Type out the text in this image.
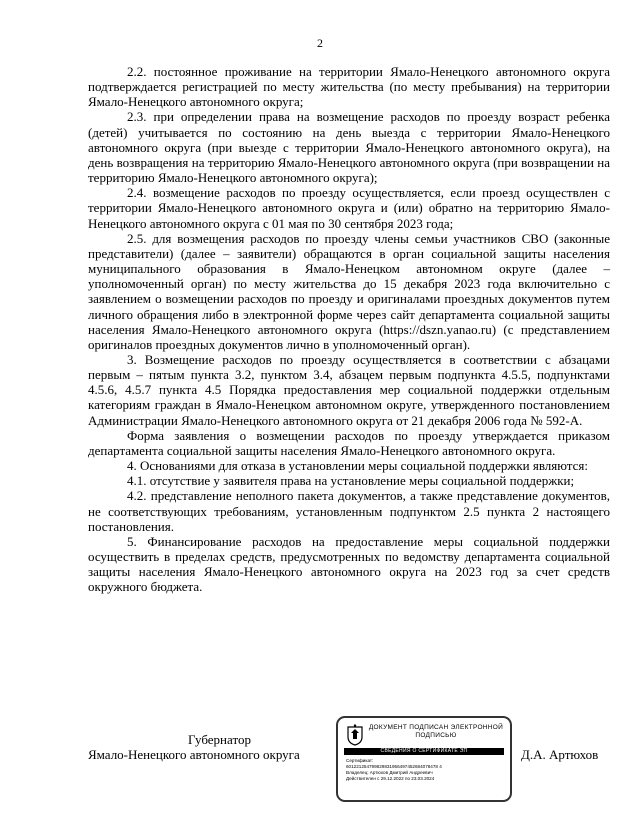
2

2.2. постоянное проживание на территории Ямало-Ненецкого автономного округа подтверждается регистрацией по месту жительства (по месту пребывания) на территории Ямало-Ненецкого автономного округа;

2.3. при определении права на возмещение расходов по проезду возраст ребенка (детей) учитывается по состоянию на день выезда с территории Ямало-Ненецкого автономного округа (при выезде с территории Ямало-Ненецкого автономного округа), на день возвращения на территорию Ямало-Ненецкого автономного округа (при возвращении на территорию Ямало-Ненецкого автономного округа);

2.4. возмещение расходов по проезду осуществляется, если проезд осуществлен с территории Ямало-Ненецкого автономного округа и (или) обратно на территорию Ямало-Ненецкого автономного округа с 01 мая по 30 сентября 2023 года;

2.5. для возмещения расходов по проезду члены семьи участников СВО (законные представители) (далее – заявители) обращаются в орган социальной защиты населения муниципального образования в Ямало-Ненецком автономном округе (далее – уполномоченный орган) по месту жительства до 15 декабря 2023 года включительно с заявлением о возмещении расходов по проезду и оригиналами проездных документов путем личного обращения либо в электронной форме через сайт департамента социальной защиты населения Ямало-Ненецкого автономного округа (https://dszn.yanao.ru) (с представлением оригиналов проездных документов лично в уполномоченный орган).

3. Возмещение расходов по проезду осуществляется в соответствии с абзацами первым – пятым пункта 3.2, пунктом 3.4, абзацем первым подпункта 4.5.5, подпунктами 4.5.6, 4.5.7 пункта 4.5 Порядка предоставления мер социальной поддержки отдельным категориям граждан в Ямало-Ненецком автономном округе, утвержденного постановлением Администрации Ямало-Ненецкого автономного округа от 21 декабря 2006 года № 592-А.

Форма заявления о возмещении расходов по проезду утверждается приказом департамента социальной защиты населения Ямало-Ненецкого автономного округа.

4. Основаниями для отказа в установлении меры социальной поддержки являются:

4.1. отсутствие у заявителя права на установление меры социальной поддержки;

4.2. представление неполного пакета документов, а также представление документов, не соответствующих требованиям, установленным подпунктом 2.5 пункта 2 настоящего постановления.

5. Финансирование расходов на предоставление меры социальной поддержки осуществить в пределах средств, предусмотренных по ведомству департамента социальной защиты населения Ямало-Ненецкого автономного округа на 2023 год за счет средств окружного бюджета.

Губернатор
Ямало-Ненецкого автономного округа
ДОКУМЕНТ ПОДПИСАН ЭЛЕКТРОННОЙ ПОДПИСЬЮ
СВЕДЕНИЯ О СЕРТИФИКАТЕ ЭП
Сертификат:
601221254799829831956497452684078478 4
Владелец: Артюхов Дмитрий Андреевич
Действителен с 29.12.2022 по 23.03.2024
Д.А. Артюхов
